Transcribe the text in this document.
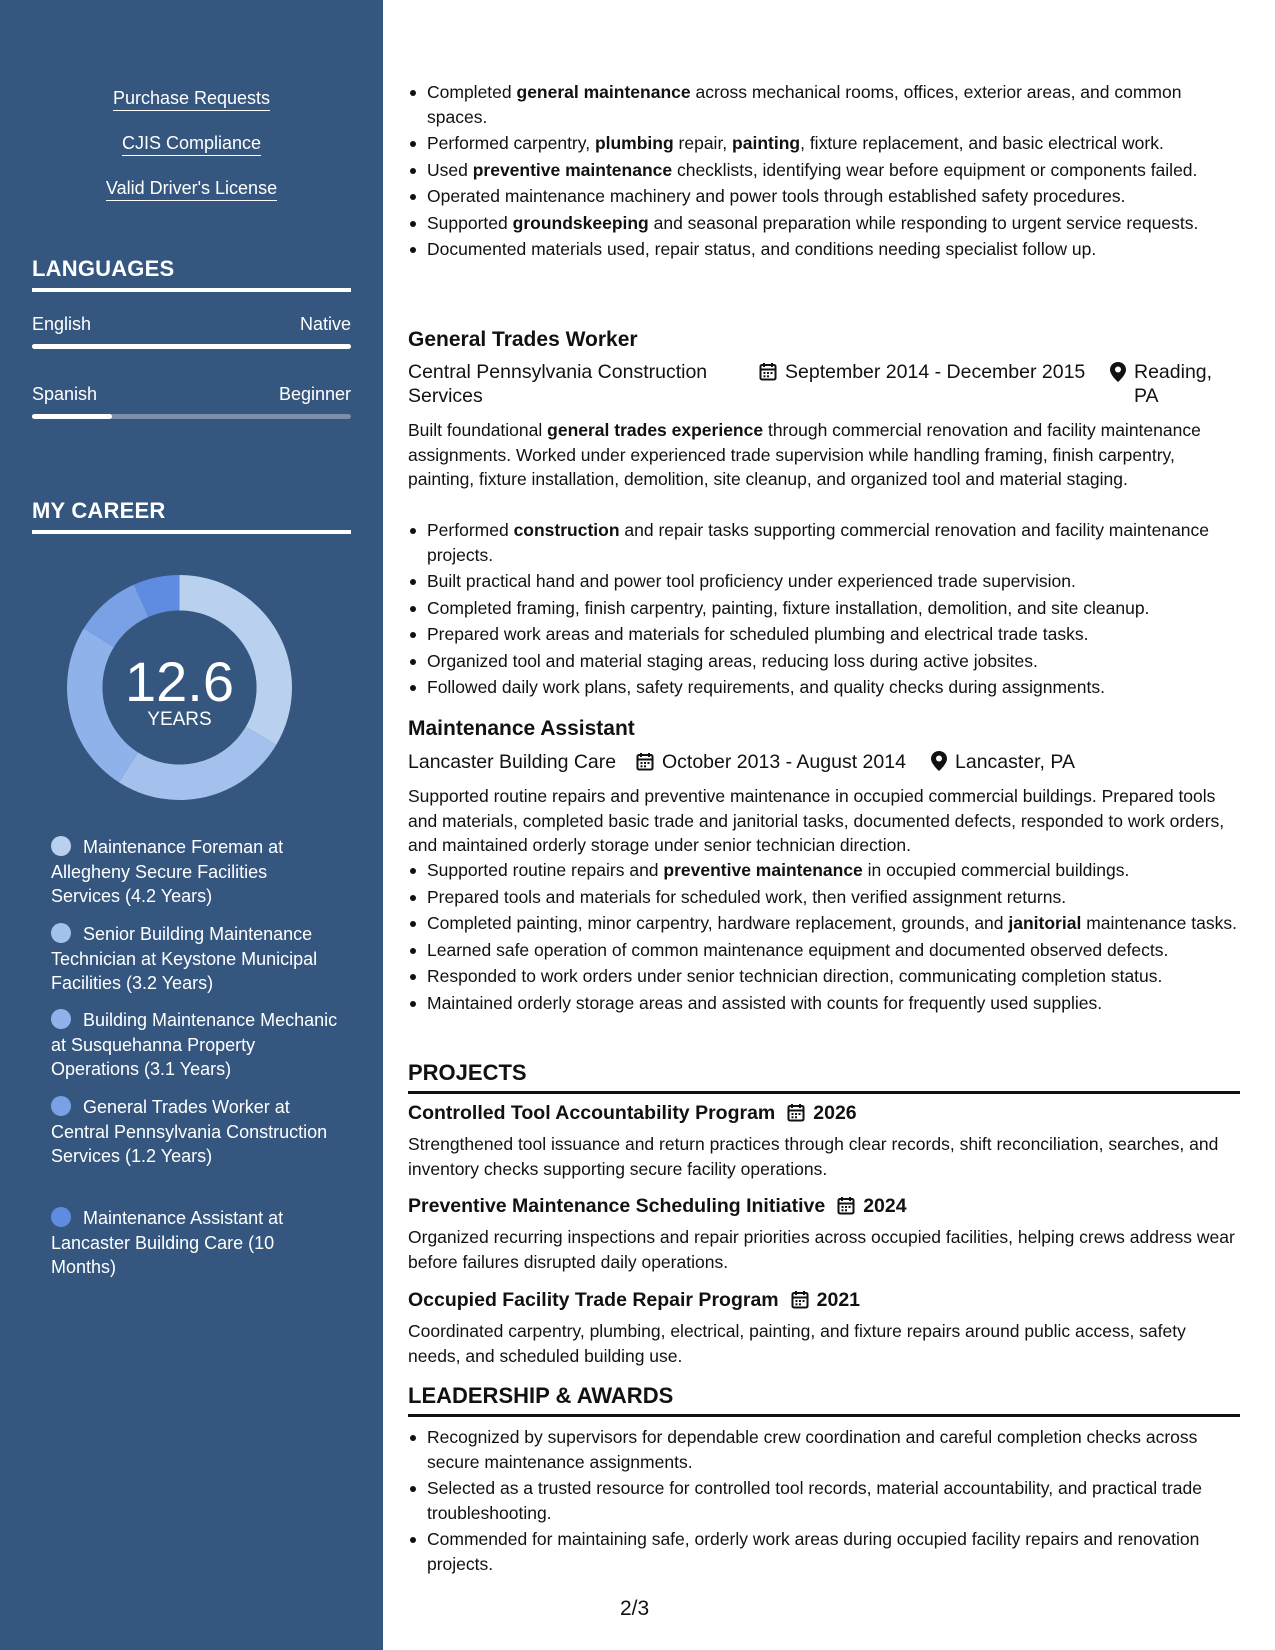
Purchase Requests
CJIS Compliance
Valid Driver's License
LANGUAGES
English	Native
Spanish	Beginner
MY CAREER
12.6
YEARS
Maintenance Foreman at Allegheny Secure Facilities Services (4.2 Years)
Senior Building Maintenance Technician at Keystone Municipal Facilities (3.2 Years)
Building Maintenance Mechanic at Susquehanna Property Operations (3.1 Years)
General Trades Worker at Central Pennsylvania Construction Services (1.2 Years)
Maintenance Assistant at Lancaster Building Care (10 Months)
Completed general maintenance across mechanical rooms, offices, exterior areas, and common spaces.
Performed carpentry, plumbing repair, painting, fixture replacement, and basic electrical work.
Used preventive maintenance checklists, identifying wear before equipment or components failed.
Operated maintenance machinery and power tools through established safety procedures.
Supported groundskeeping and seasonal preparation while responding to urgent service requests.
Documented materials used, repair status, and conditions needing specialist follow up.
General Trades Worker
Central Pennsylvania Construction Services
September 2014 - December 2015	Reading, PA
Built foundational general trades experience through commercial renovation and facility maintenance assignments. Worked under experienced trade supervision while handling framing, finish carpentry, painting, fixture installation, demolition, site cleanup, and organized tool and material staging.
Performed construction and repair tasks supporting commercial renovation and facility maintenance projects.
Built practical hand and power tool proficiency under experienced trade supervision.
Completed framing, finish carpentry, painting, fixture installation, demolition, and site cleanup.
Prepared work areas and materials for scheduled plumbing and electrical trade tasks.
Organized tool and material staging areas, reducing loss during active jobsites.
Followed daily work plans, safety requirements, and quality checks during assignments.
Maintenance Assistant
Lancaster Building Care	October 2013 - August 2014	Lancaster, PA
Supported routine repairs and preventive maintenance in occupied commercial buildings. Prepared tools and materials, completed basic trade and janitorial tasks, documented defects, responded to work orders, and maintained orderly storage under senior technician direction.
Supported routine repairs and preventive maintenance in occupied commercial buildings.
Prepared tools and materials for scheduled work, then verified assignment returns.
Completed painting, minor carpentry, hardware replacement, grounds, and janitorial maintenance tasks.
Learned safe operation of common maintenance equipment and documented observed defects.
Responded to work orders under senior technician direction, communicating completion status.
Maintained orderly storage areas and assisted with counts for frequently used supplies.
PROJECTS
Controlled Tool Accountability Program 2026
Strengthened tool issuance and return practices through clear records, shift reconciliation, searches, and inventory checks supporting secure facility operations.
Preventive Maintenance Scheduling Initiative 2024
Organized recurring inspections and repair priorities across occupied facilities, helping crews address wear before failures disrupted daily operations.
Occupied Facility Trade Repair Program 2021
Coordinated carpentry, plumbing, electrical, painting, and fixture repairs around public access, safety needs, and scheduled building use.
LEADERSHIP & AWARDS
Recognized by supervisors for dependable crew coordination and careful completion checks across secure maintenance assignments.
Selected as a trusted resource for controlled tool records, material accountability, and practical trade troubleshooting.
Commended for maintaining safe, orderly work areas during occupied facility repairs and renovation projects.
2/3
